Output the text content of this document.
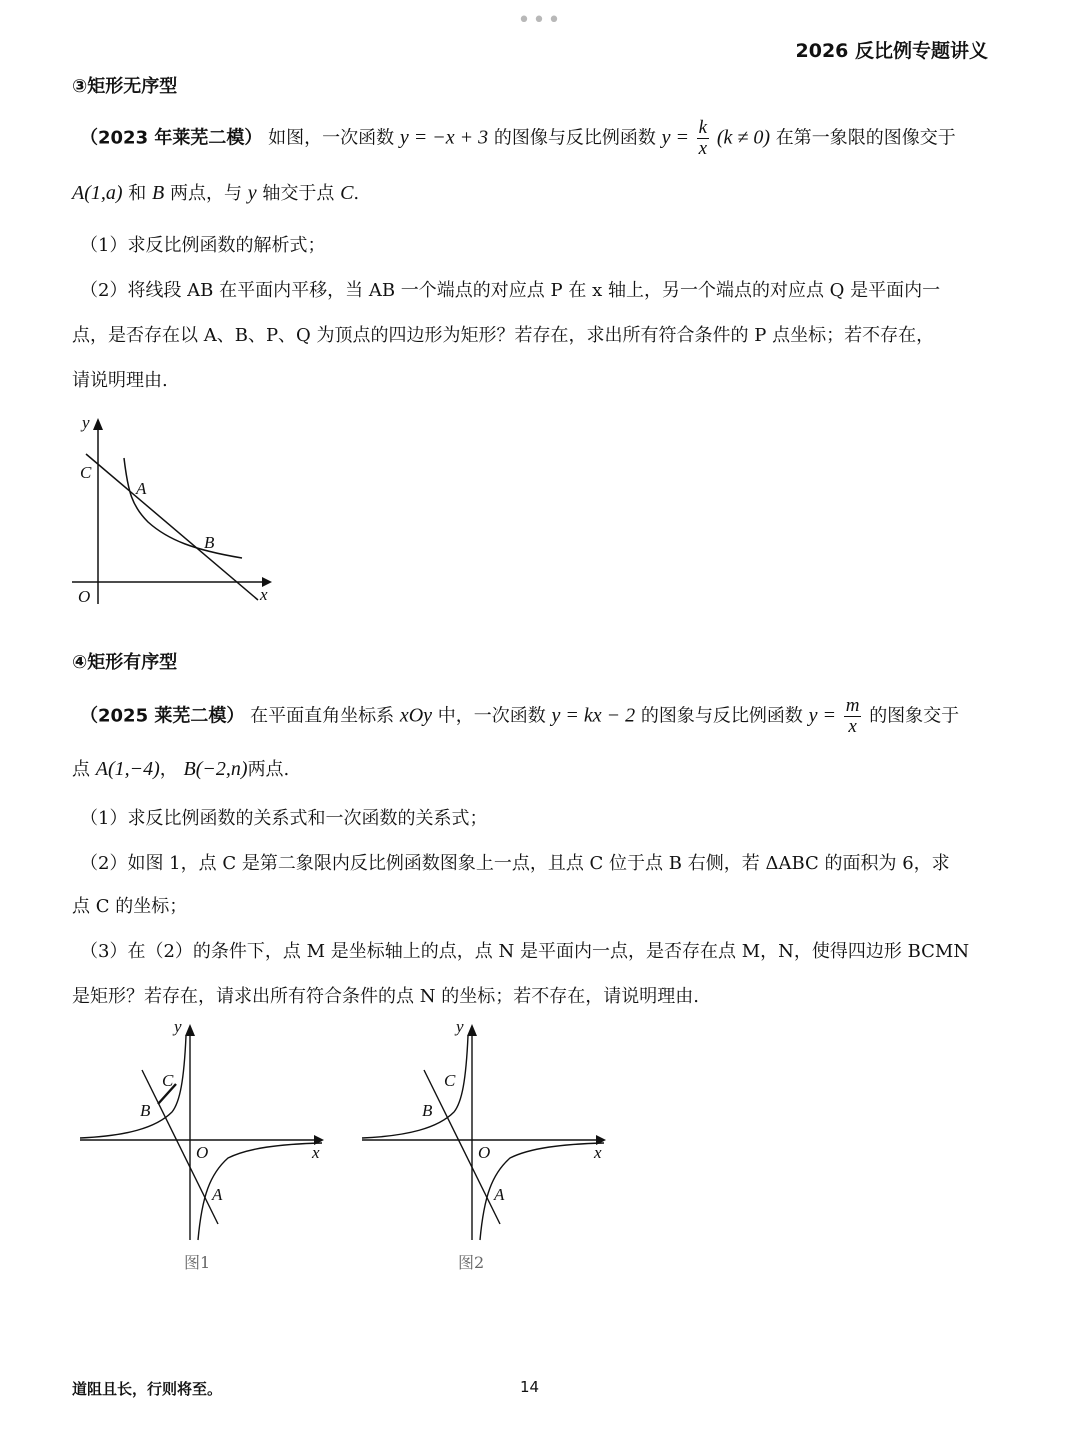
•••
2026 反比例专题讲义
③矩形无序型
（2023 年莱芜二模） 如图，一次函数 y = −x + 3 的图像与反比例函数 $y = \frac{k}{x} (k \ne 0)$ 在第一象限的图像交于
A(1,a) 和 B 两点，与 y 轴交于点 C.
（1）求反比例函数的解析式；
（2）将线段 AB 在平面内平移，当 AB 一个端点的对应点 P 在 x 轴上，另一个端点的对应点 Q 是平面内一
点，是否存在以 A、B、P、Q 为顶点的四边形为矩形？若存在，求出所有符合条件的 P 点坐标；若不存在，
请说明理由.
y
x
O
C
A
B
④矩形有序型
（2025 莱芜二模） 在平面直角坐标系 xOy 中，一次函数 y = kx − 2 的图象与反比例函数 $y = \frac{m}{x}$ 的图象交于
点 A(1,−4)， B(−2,n)两点.
（1）求反比例函数的关系式和一次函数的关系式；
（2）如图 1，点 C 是第二象限内反比例函数图象上一点，且点 C 位于点 B 右侧，若 ΔABC 的面积为 6，求
点 C 的坐标；
（3）在（2）的条件下，点 M 是坐标轴上的点，点 N 是平面内一点，是否存在点 M，N，使得四边形 BCMN
是矩形？若存在，请求出所有符合条件的点 N 的坐标；若不存在，请说明理由.
y
x
O
C
B
A
图1
y
x
O
C
B
A
图2
道阻且长，行则将至。	14
